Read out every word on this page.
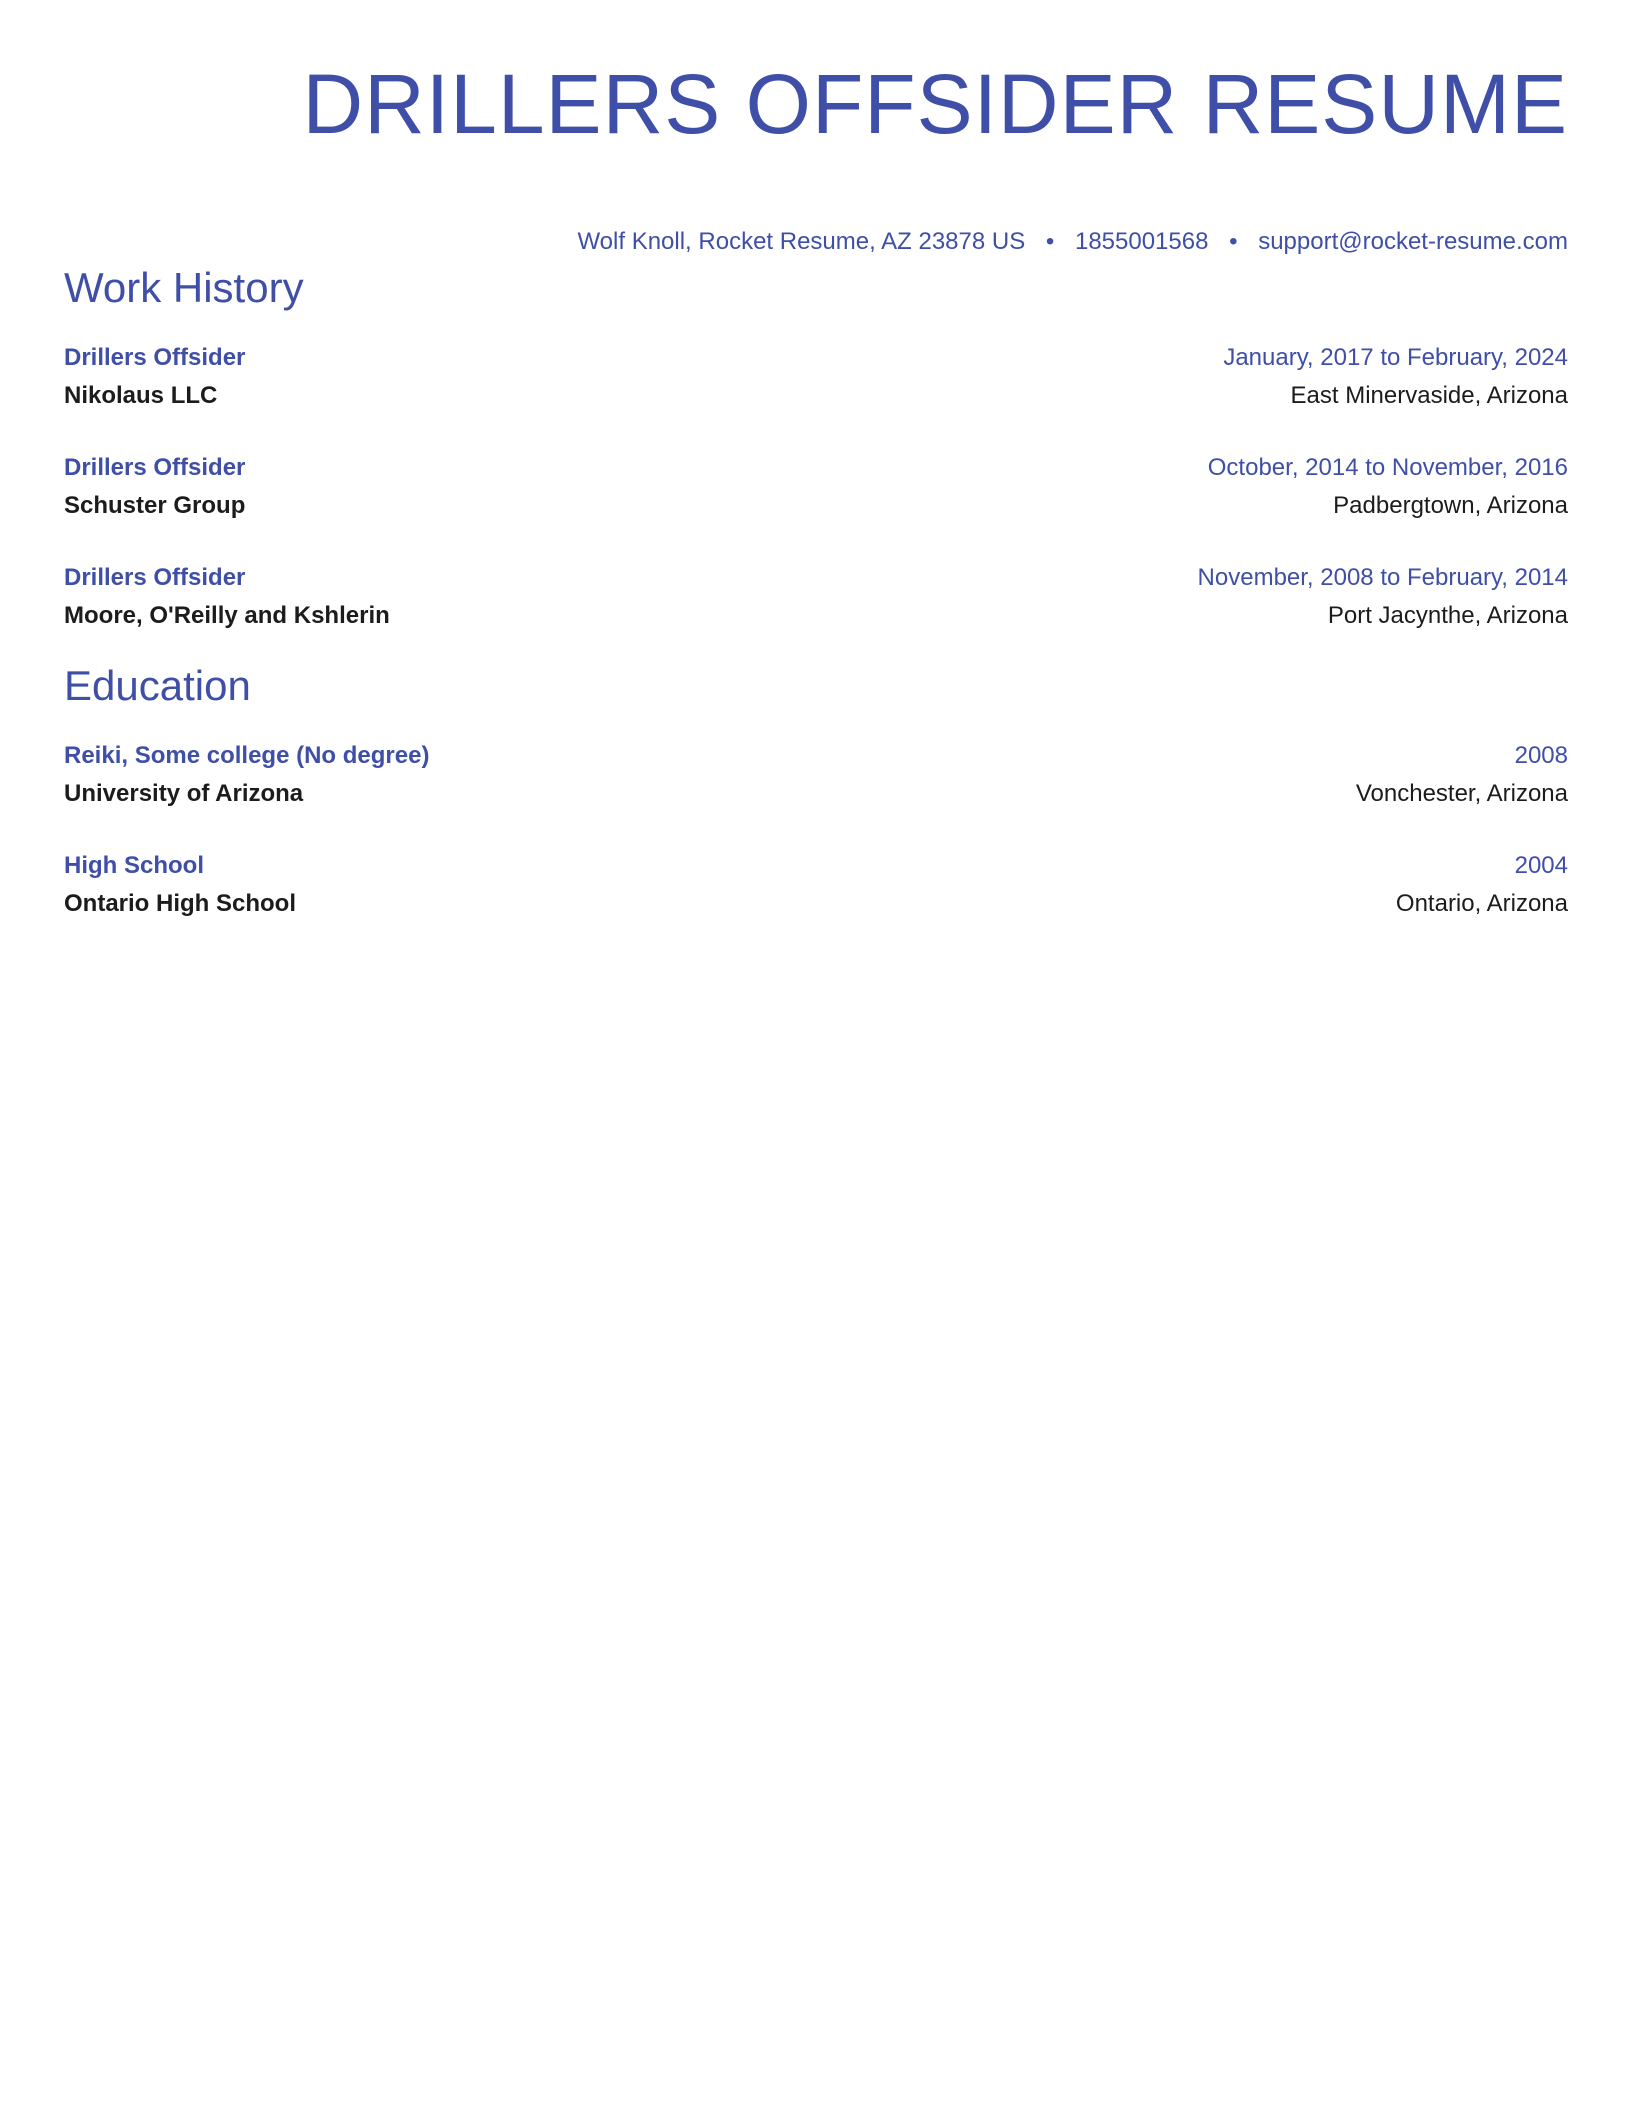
DRILLERS OFFSIDER RESUME
Wolf Knoll, Rocket Resume, AZ 23878 US • 1855001568 • support@rocket-resume.com
Work History
Drillers Offsider	January, 2017 to February, 2024
Nikolaus LLC	East Minervaside, Arizona
Drillers Offsider	October, 2014 to November, 2016
Schuster Group	Padbergtown, Arizona
Drillers Offsider	November, 2008 to February, 2014
Moore, O'Reilly and Kshlerin	Port Jacynthe, Arizona
Education
Reiki, Some college (No degree)	2008
University of Arizona	Vonchester, Arizona
High School	2004
Ontario High School	Ontario, Arizona
